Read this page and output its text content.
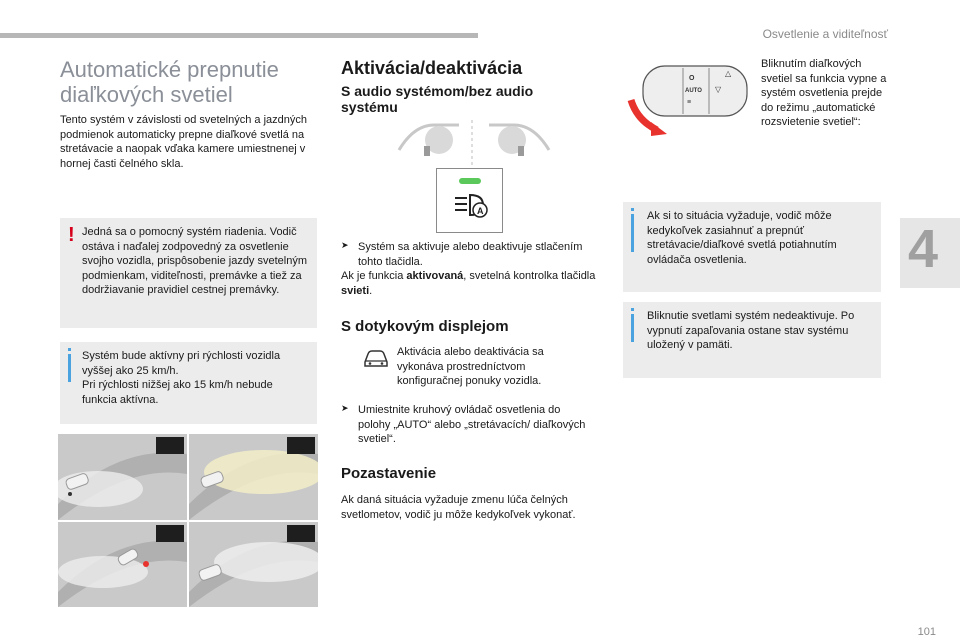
Osvetlenie a viditeľnosť
Automatické prepnutie
diaľkových svetiel

Tento systém v závislosti od svetelných a jazdných podmienok automaticky prepne diaľkové svetlá na stretávacie a naopak vďaka kamere umiestnenej v hornej časti čelného skla.

! Jedná sa o pomocný systém riadenia. Vodič ostáva i naďalej zodpovedný za osvetlenie svojho vozidla, prispôsobenie jazdy svetelným podmienkam, viditeľnosti, premávke a tiež za dodržiavanie pravidiel cestnej premávky.

Systém bude aktívny pri rýchlosti vozidla vyššej ako 25 km/h.
Pri rýchlosti nižšej ako 15 km/h nebude funkcia aktívna.

Aktivácia/deaktivácia
S audio systémom/bez audio systému
A
➤ Systém sa aktivuje alebo deaktivuje stlačením tohto tlačidla.

Ak je funkcia aktivovaná, svetelná kontrolka tlačidla svieti.

S dotykovým displejom

Aktivácia alebo deaktivácia sa vykonáva prostredníctvom konfiguračnej ponuky vozidla.

➤ Umiestnite kruhový ovládač osvetlenia do polohy „AUTO“ alebo „stretávacích/ diaľkových svetiel“.

Pozastavenie

Ak daná situácia vyžaduje zmenu lúča čelných svetlometov, vodič ju môže kedykoľvek vykonať.

O
AUTO
≡
▽
△

Bliknutím diaľkových svetiel sa funkcia vypne a systém osvetlenia prejde do režimu „automatické rozsvietenie svetiel“:

Ak si to situácia vyžaduje, vodič môže kedykoľvek zasiahnuť a prepnúť stretávacie/diaľkové svetlá potiahnutím ovládača osvetlenia.

Bliknutie svetlami systém nedeaktivuje. Po vypnutí zapaľovania ostane stav systému uložený v pamäti.

4
101
